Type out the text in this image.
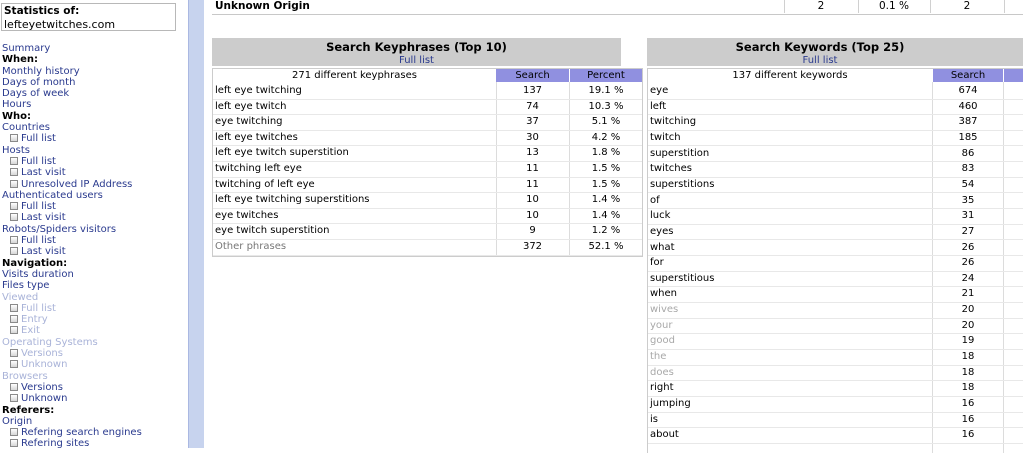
Statistics of:
lefteyetwitches.com
Summary
When:
Monthly history
Days of month
Days of week
Hours
Who:
Countries
Full list
Hosts
Full list
Last visit
Unresolved IP Address
Authenticated users
Full list
Last visit
Robots/Spiders visitors
Full list
Last visit
Navigation:
Visits duration
Files type
Viewed
Full list
Entry
Exit
Operating Systems
Versions
Unknown
Browsers
Versions
Unknown
Referers:
Origin
Refering search engines
Refering sites
Unknown Origin	2	0.1 %	2
Search Keyphrases (Top 10)
Full list
271 different keyphrases	Search	Percent
left eye twitching	137	19.1 %
left eye twitch	74	10.3 %
eye twitching	37	5.1 %
left eye twitches	30	4.2 %
left eye twitch superstition	13	1.8 %
twitching left eye	11	1.5 %
twitching of left eye	11	1.5 %
left eye twitching superstitions	10	1.4 %
eye twitches	10	1.4 %
eye twitch superstition	9	1.2 %
Other phrases	372	52.1 %
Search Keywords (Top 25)
Full list
137 different keywords	Search
eye	674
left	460
twitching	387
twitch	185
superstition	86
twitches	83
superstitions	54
of	35
luck	31
eyes	27
what	26
for	26
superstitious	24
when	21
wives	20
your	20
good	19
the	18
does	18
right	18
jumping	16
is	16
about	16
